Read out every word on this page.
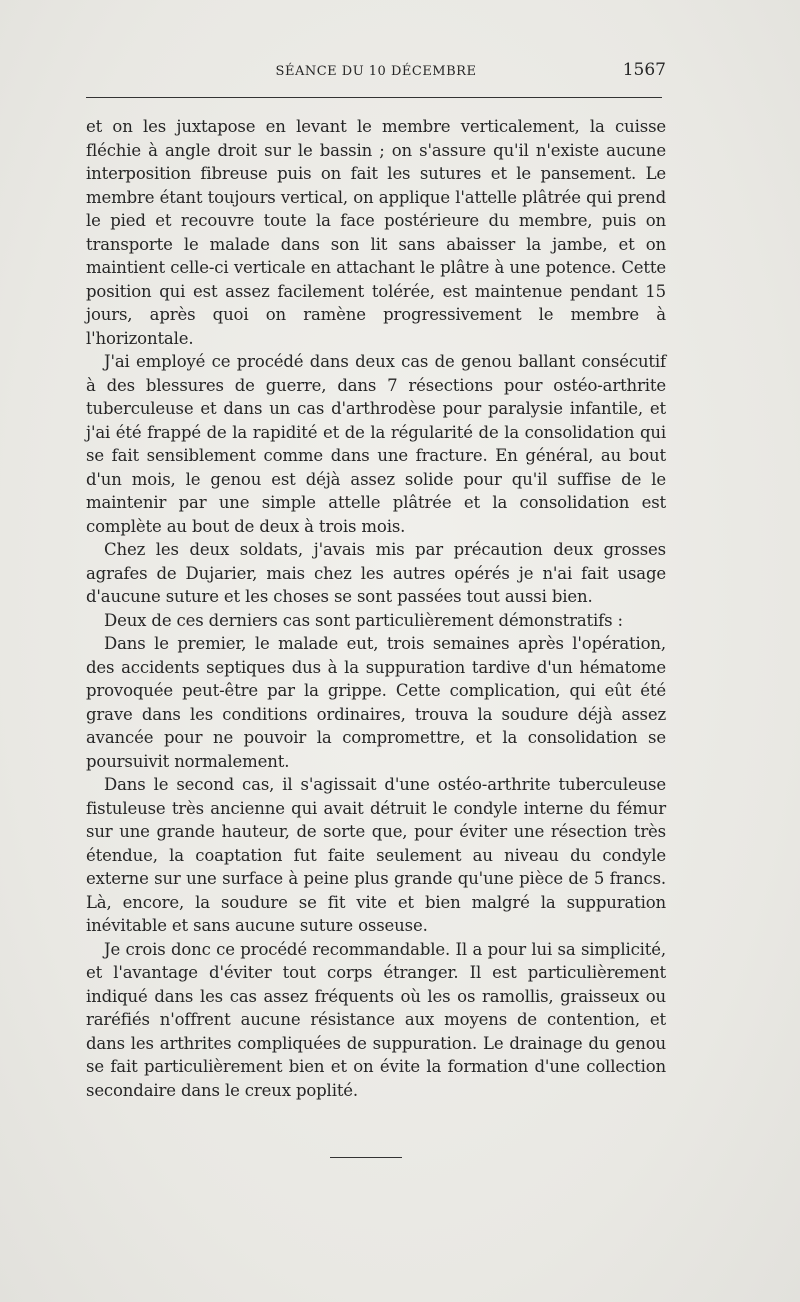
SÉANCE DU 10 DÉCEMBRE	1567

et on les juxtapose en levant le membre verticalement, la cuisse fléchie à angle droit sur le bassin ; on s'assure qu'il n'existe aucune interposition fibreuse puis on fait les sutures et le pansement. Le membre étant toujours vertical, on applique l'attelle plâtrée qui prend le pied et recouvre toute la face postérieure du membre, puis on transporte le malade dans son lit sans abaisser la jambe, et on maintient celle-ci verticale en attachant le plâtre à une potence. Cette position qui est assez facilement tolérée, est maintenue pendant 15 jours, après quoi on ramène progressivement le membre à l'horizontale.

J'ai employé ce procédé dans deux cas de genou ballant consécutif à des blessures de guerre, dans 7 résections pour ostéo-arthrite tuberculeuse et dans un cas d'arthrodèse pour paralysie infantile, et j'ai été frappé de la rapidité et de la régularité de la consolidation qui se fait sensiblement comme dans une fracture. En général, au bout d'un mois, le genou est déjà assez solide pour qu'il suffise de le maintenir par une simple attelle plâtrée et la consolidation est complète au bout de deux à trois mois.

Chez les deux soldats, j'avais mis par précaution deux grosses agrafes de Dujarier, mais chez les autres opérés je n'ai fait usage d'aucune suture et les choses se sont passées tout aussi bien.

Deux de ces derniers cas sont particulièrement démonstratifs :

Dans le premier, le malade eut, trois semaines après l'opération, des accidents septiques dus à la suppuration tardive d'un hématome provoquée peut-être par la grippe. Cette complication, qui eût été grave dans les conditions ordinaires, trouva la soudure déjà assez avancée pour ne pouvoir la compromettre, et la consolidation se poursuivit normalement.

Dans le second cas, il s'agissait d'une ostéo-arthrite tuberculeuse fistuleuse très ancienne qui avait détruit le condyle interne du fémur sur une grande hauteur, de sorte que, pour éviter une résection très étendue, la coaptation fut faite seulement au niveau du condyle externe sur une surface à peine plus grande qu'une pièce de 5 francs. Là, encore, la soudure se fit vite et bien malgré la suppuration inévitable et sans aucune suture osseuse.

Je crois donc ce procédé recommandable. Il a pour lui sa simplicité, et l'avantage d'éviter tout corps étranger. Il est particulièrement indiqué dans les cas assez fréquents où les os ramollis, graisseux ou raréfiés n'offrent aucune résistance aux moyens de contention, et dans les arthrites compliquées de suppuration. Le drainage du genou se fait particulièrement bien et on évite la formation d'une collection secondaire dans le creux poplité.
